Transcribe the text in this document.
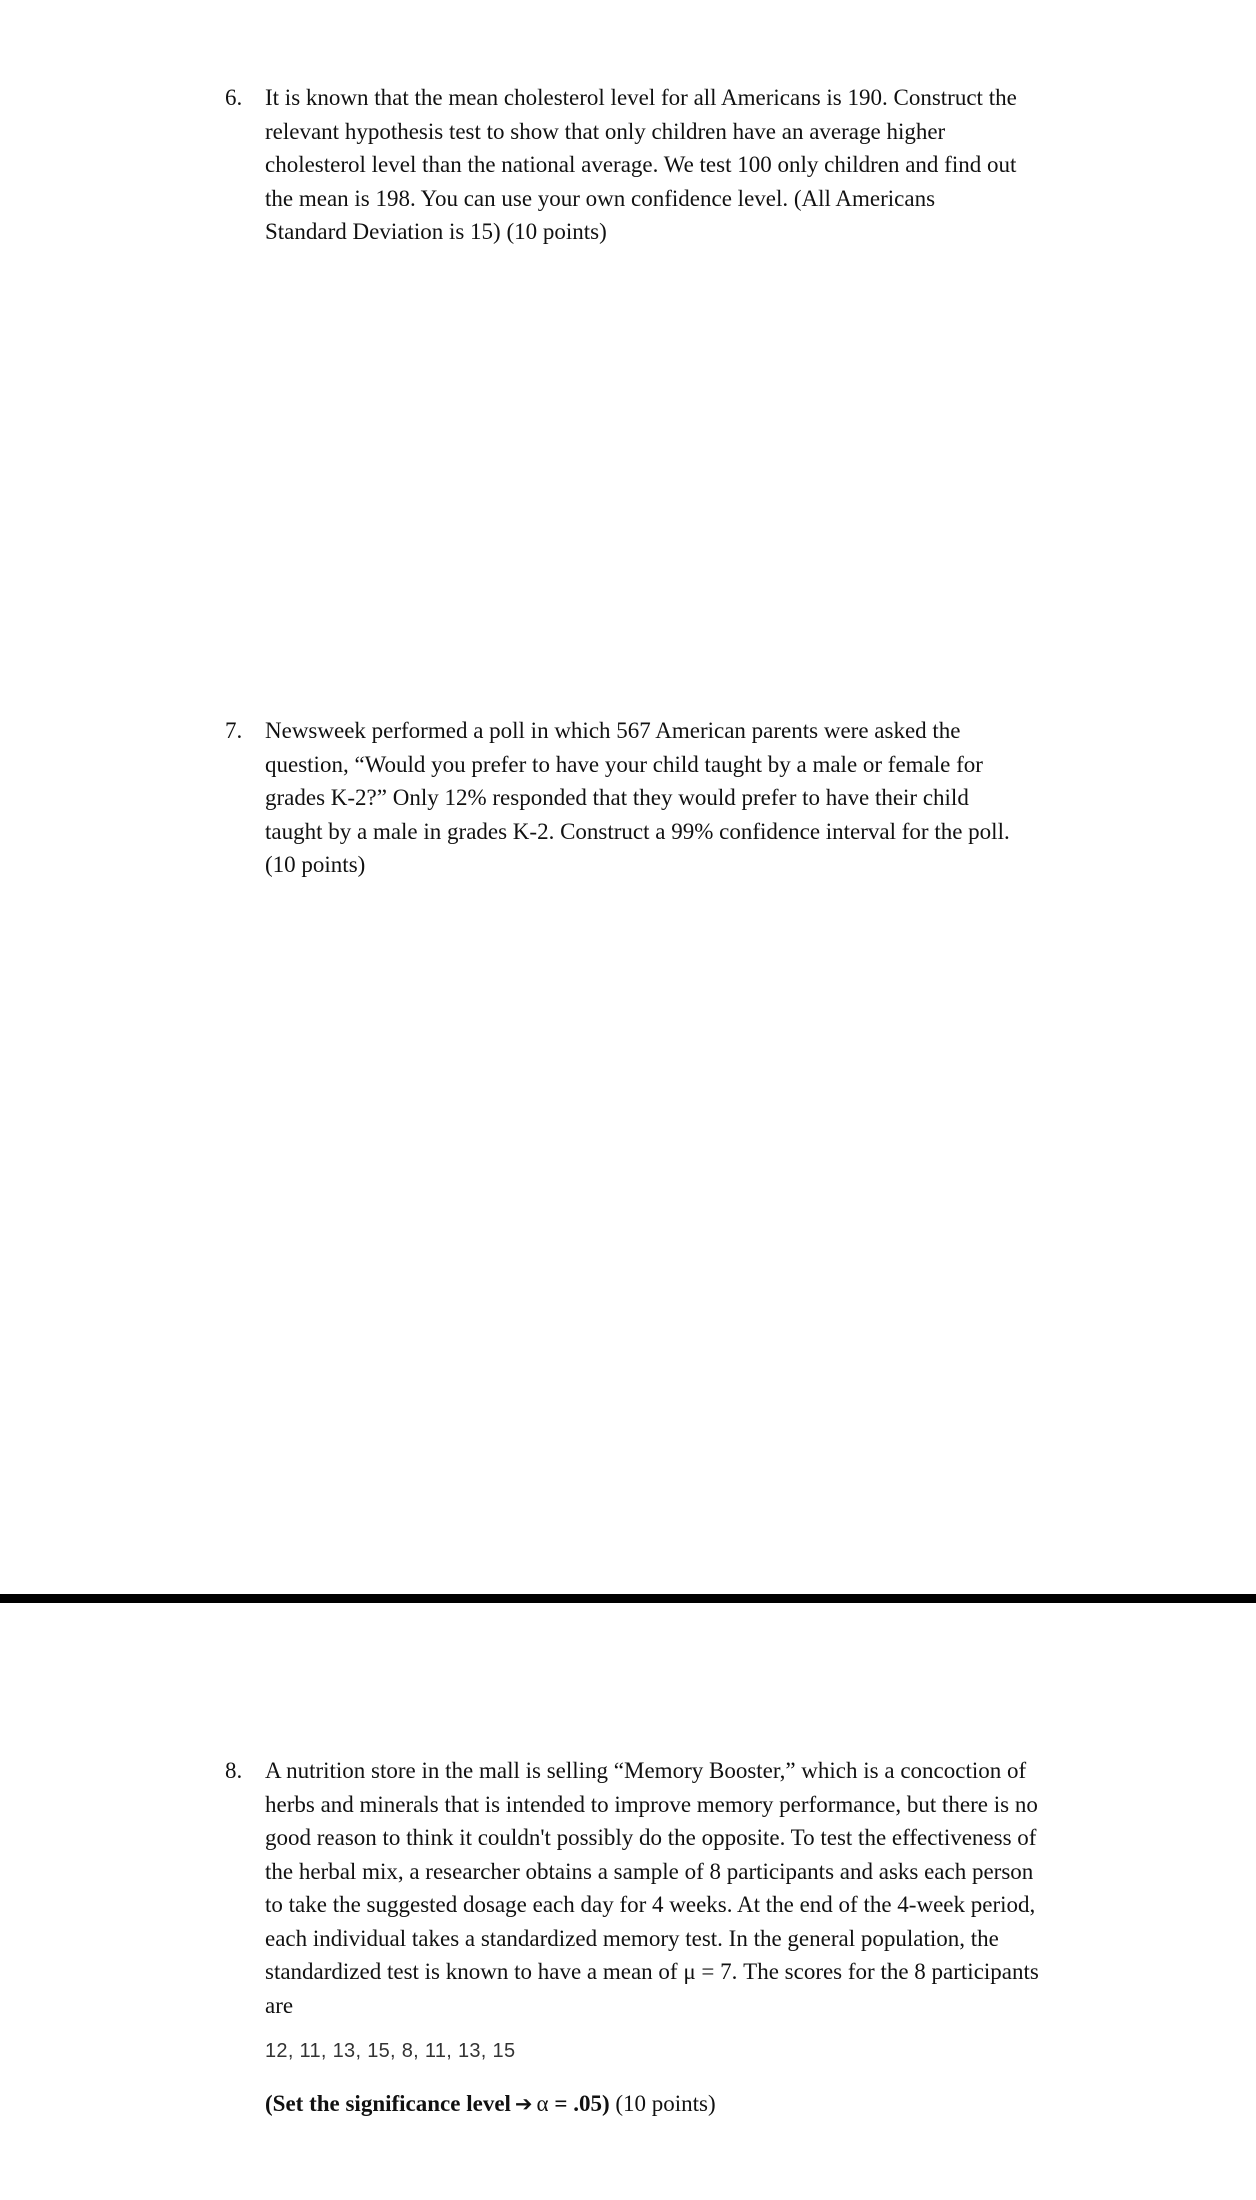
6. It is known that the mean cholesterol level for all Americans is 190. Construct the
relevant hypothesis test to show that only children have an average higher
cholesterol level than the national average. We test 100 only children and find out
the mean is 198. You can use your own confidence level. (All Americans
Standard Deviation is 15) (10 points)
7. Newsweek performed a poll in which 567 American parents were asked the
question, “Would you prefer to have your child taught by a male or female for
grades K-2?” Only 12% responded that they would prefer to have their child
taught by a male in grades K-2. Construct a 99% confidence interval for the poll.
(10 points)
8. A nutrition store in the mall is selling “Memory Booster,” which is a concoction of
herbs and minerals that is intended to improve memory performance, but there is no
good reason to think it couldn't possibly do the opposite. To test the effectiveness of
the herbal mix, a researcher obtains a sample of 8 participants and asks each person
to take the suggested dosage each day for 4 weeks. At the end of the 4-week period,
each individual takes a standardized memory test. In the general population, the
standardized test is known to have a mean of μ = 7. The scores for the 8 participants
are
12, 11, 13, 15, 8, 11, 13, 15
(Set the significance level ➔ α = .05) (10 points)
